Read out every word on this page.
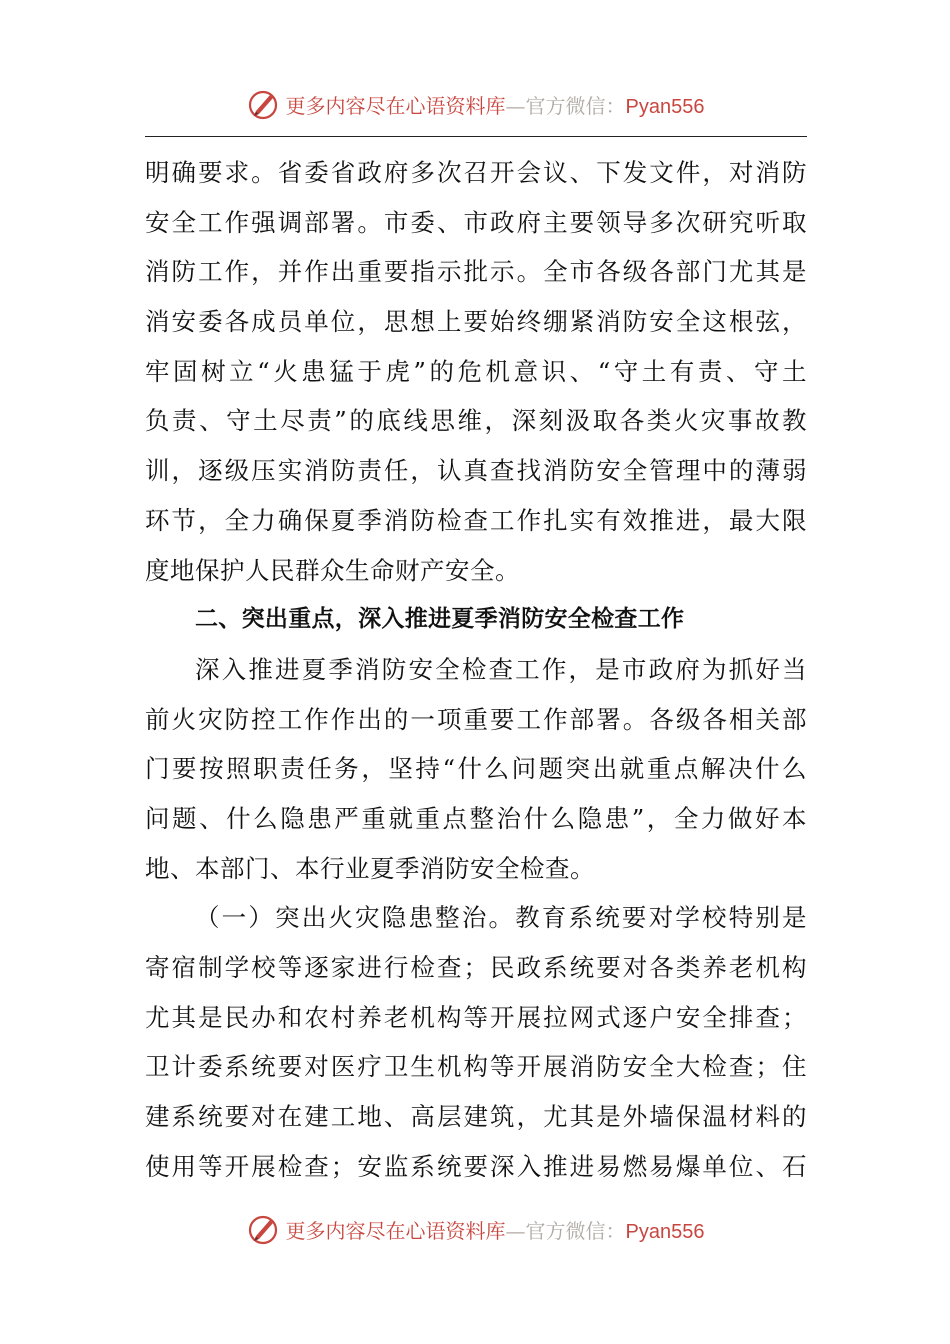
更多内容尽在心语资料库—官方微信：Pyan556
明确要求。省委省政府多次召开会议、下发文件，对消防
安全工作强调部署。市委、市政府主要领导多次研究听取
消防工作，并作出重要指示批示。全市各级各部门尤其是
消安委各成员单位，思想上要始终绷紧消防安全这根弦，
牢固树立“火患猛于虎”的危机意识、“守土有责、守土
负责、守土尽责”的底线思维，深刻汲取各类火灾事故教
训，逐级压实消防责任，认真查找消防安全管理中的薄弱
环节，全力确保夏季消防检查工作扎实有效推进，最大限
度地保护人民群众生命财产安全。
二、突出重点，深入推进夏季消防安全检查工作
深入推进夏季消防安全检查工作，是市政府为抓好当
前火灾防控工作作出的一项重要工作部署。各级各相关部
门要按照职责任务，坚持“什么问题突出就重点解决什么
问题、什么隐患严重就重点整治什么隐患”，全力做好本
地、本部门、本行业夏季消防安全检查。
（一）突出火灾隐患整治。教育系统要对学校特别是
寄宿制学校等逐家进行检查；民政系统要对各类养老机构
尤其是民办和农村养老机构等开展拉网式逐户安全排查；
卫计委系统要对医疗卫生机构等开展消防安全大检查；住
建系统要对在建工地、高层建筑，尤其是外墙保温材料的
使用等开展检查；安监系统要深入推进易燃易爆单位、石
更多内容尽在心语资料库—官方微信：Pyan556
